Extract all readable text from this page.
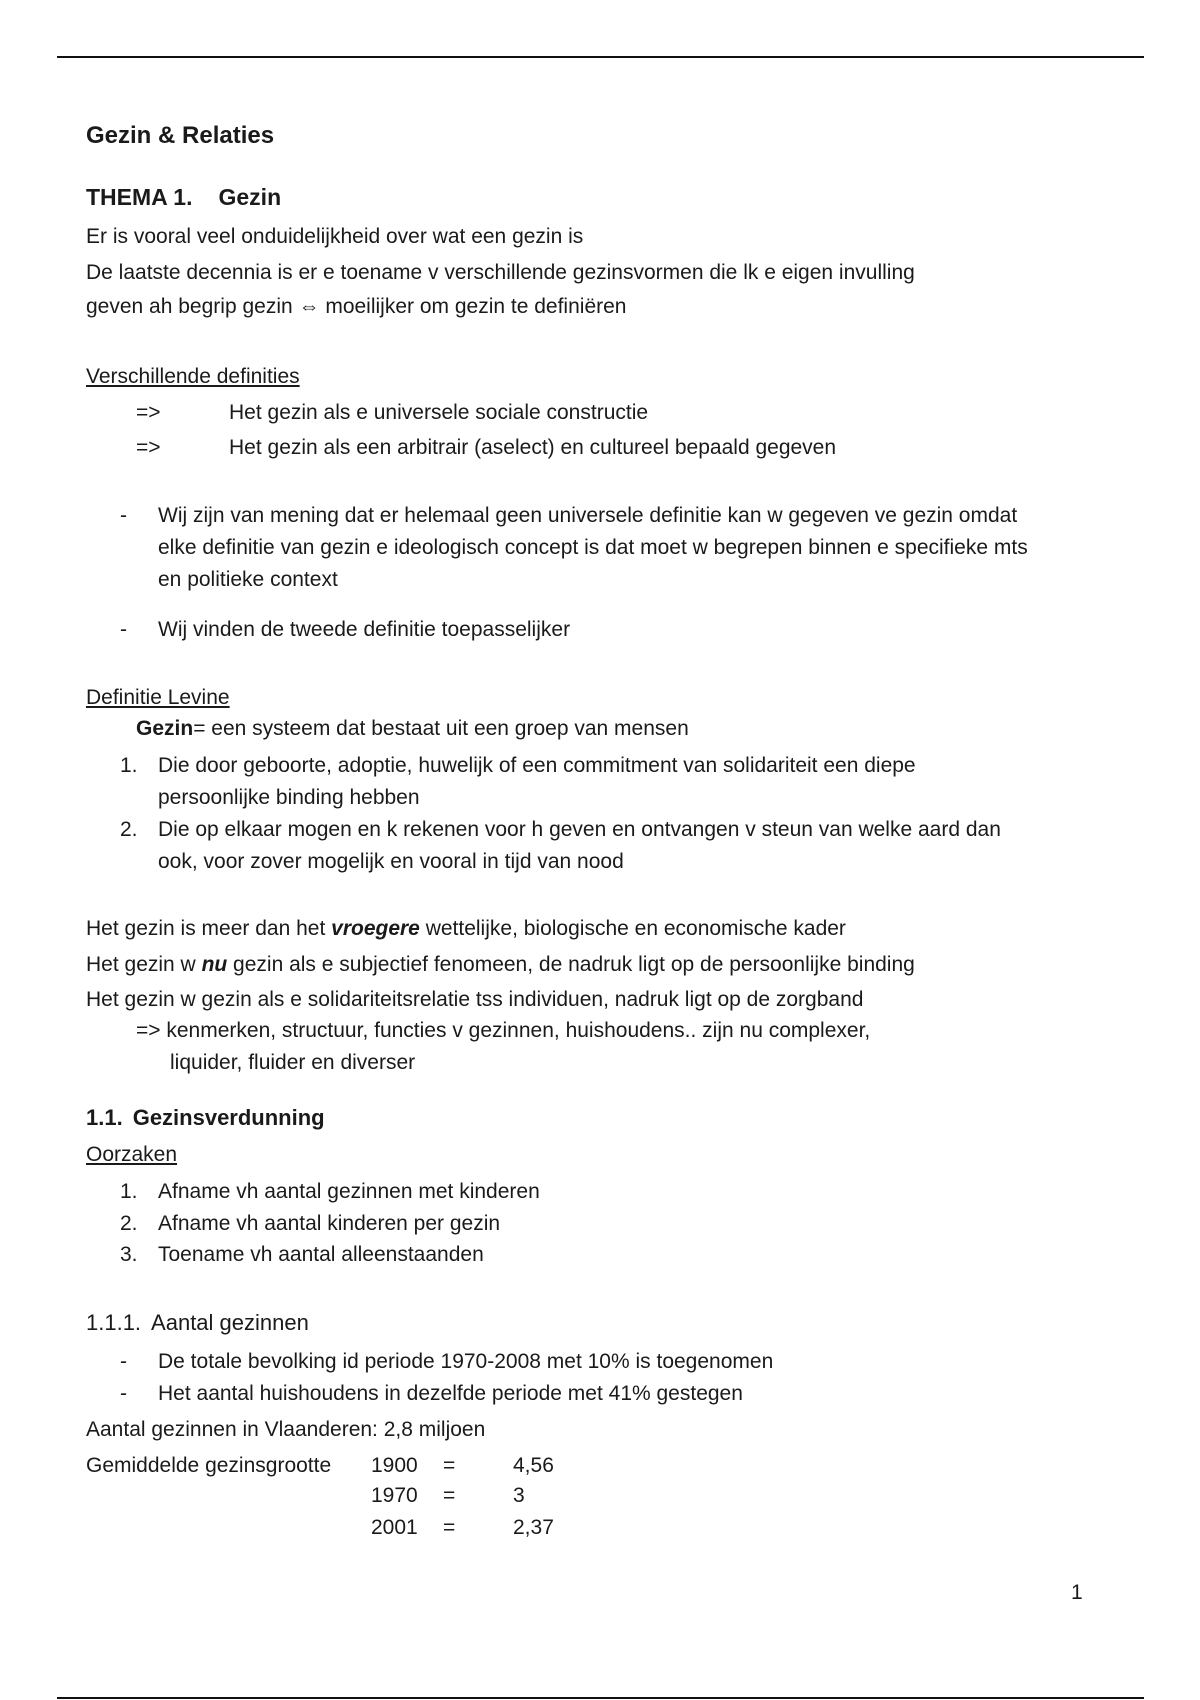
Gezin & Relaties
THEMA 1. Gezin
Er is vooral veel onduidelijkheid over wat een gezin is
De laatste decennia is er e toename v verschillende gezinsvormen die lk e eigen invulling
geven ah begrip gezin ⇔ moeilijker om gezin te definiëren
Verschillende definities
=>	Het gezin als e universele sociale constructie
=>	Het gezin als een arbitrair (aselect) en cultureel bepaald gegeven
- Wij zijn van mening dat er helemaal geen universele definitie kan w gegeven ve gezin omdat
elke definitie van gezin e ideologisch concept is dat moet w begrepen binnen e specifieke mts
en politieke context
- Wij vinden de tweede definitie toepasselijker
Definitie Levine
Gezin= een systeem dat bestaat uit een groep van mensen
1. Die door geboorte, adoptie, huwelijk of een commitment van solidariteit een diepe
persoonlijke binding hebben
2. Die op elkaar mogen en k rekenen voor h geven en ontvangen v steun van welke aard dan
ook, voor zover mogelijk en vooral in tijd van nood
Het gezin is meer dan het vroegere wettelijke, biologische en economische kader
Het gezin w nu gezin als e subjectief fenomeen, de nadruk ligt op de persoonlijke binding
Het gezin w gezin als e solidariteitsrelatie tss individuen, nadruk ligt op de zorgband
=> kenmerken, structuur, functies v gezinnen, huishoudens.. zijn nu complexer,
liquider, fluider en diverser
1.1. Gezinsverdunning
Oorzaken
1. Afname vh aantal gezinnen met kinderen
2. Afname vh aantal kinderen per gezin
3. Toename vh aantal alleenstaanden
1.1.1. Aantal gezinnen
- De totale bevolking id periode 1970-2008 met 10% is toegenomen
- Het aantal huishoudens in dezelfde periode met 41% gestegen
Aantal gezinnen in Vlaanderen: 2,8 miljoen
Gemiddelde gezinsgrootte 1900 =	4,56
1970 =	3
2001 =	2,37
1
